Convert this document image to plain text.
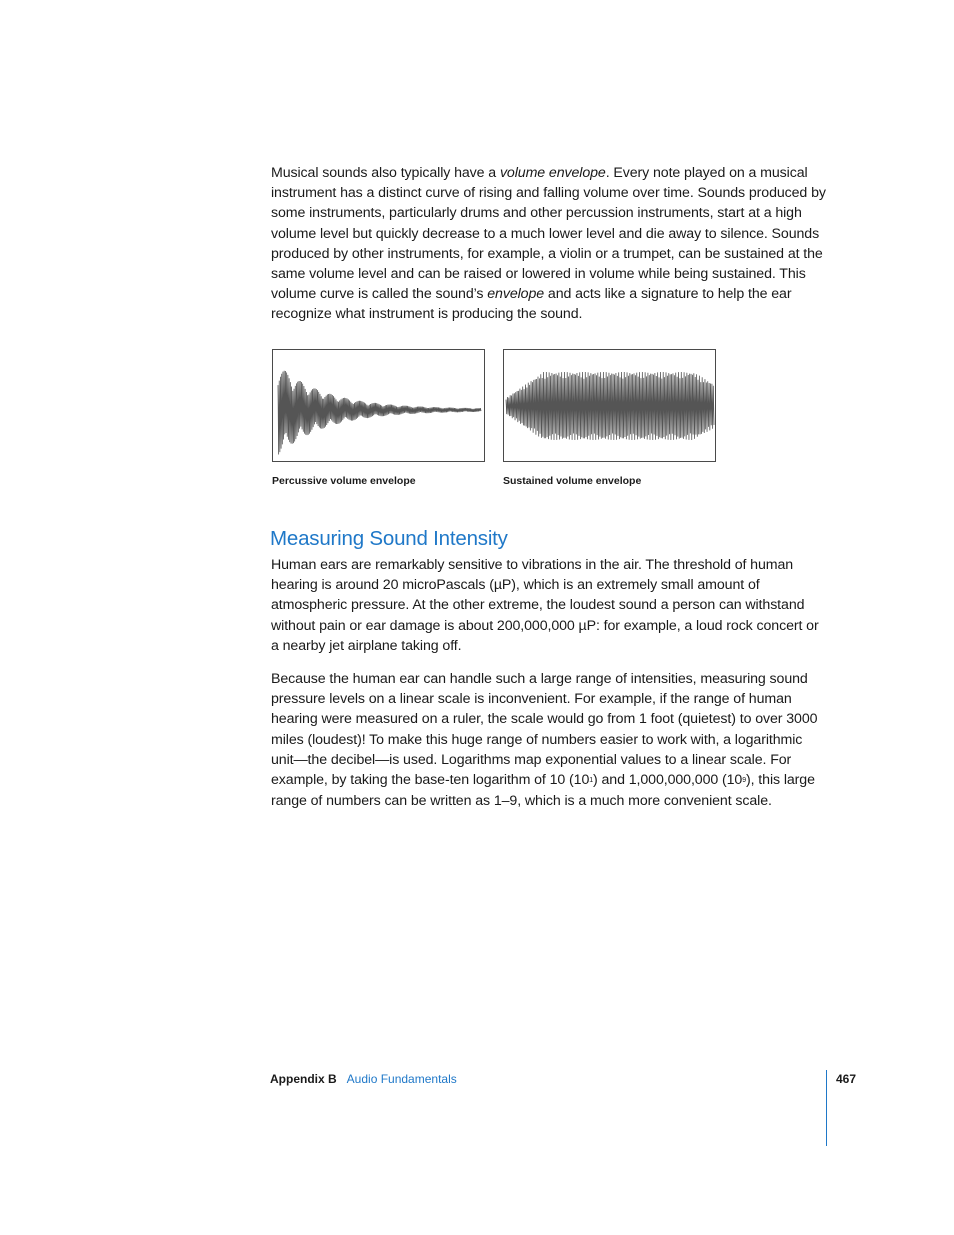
Musical sounds also typically have a volume envelope. Every note played on a musical instrument has a distinct curve of rising and falling volume over time. Sounds produced by some instruments, particularly drums and other percussion instruments, start at a high volume level but quickly decrease to a much lower level and die away to silence. Sounds produced by other instruments, for example, a violin or a trumpet, can be sustained at the same volume level and can be raised or lowered in volume while being sustained. This volume curve is called the sound’s envelope and acts like a signature to help the ear recognize what instrument is producing the sound.

Percussive volume envelope	Sustained volume envelope
Measuring Sound Intensity

Human ears are remarkably sensitive to vibrations in the air. The threshold of human hearing is around 20 microPascals (µP), which is an extremely small amount of atmospheric pressure. At the other extreme, the loudest sound a person can withstand without pain or ear damage is about 200,000,000 µP: for example, a loud rock concert or a nearby jet airplane taking off.

Because the human ear can handle such a large range of intensities, measuring sound pressure levels on a linear scale is inconvenient. For example, if the range of human hearing were measured on a ruler, the scale would go from 1 foot (quietest) to over 3000 miles (loudest)! To make this huge range of numbers easier to work with, a logarithmic unit—the decibel—is used. Logarithms map exponential values to a linear scale. For example, by taking the base-ten logarithm of 10 $(10^1)$ and 1,000,000,000 $(10^9)$, this large range of numbers can be written as 1–9, which is a much more convenient scale.

Appendix B Audio Fundamentals	467
